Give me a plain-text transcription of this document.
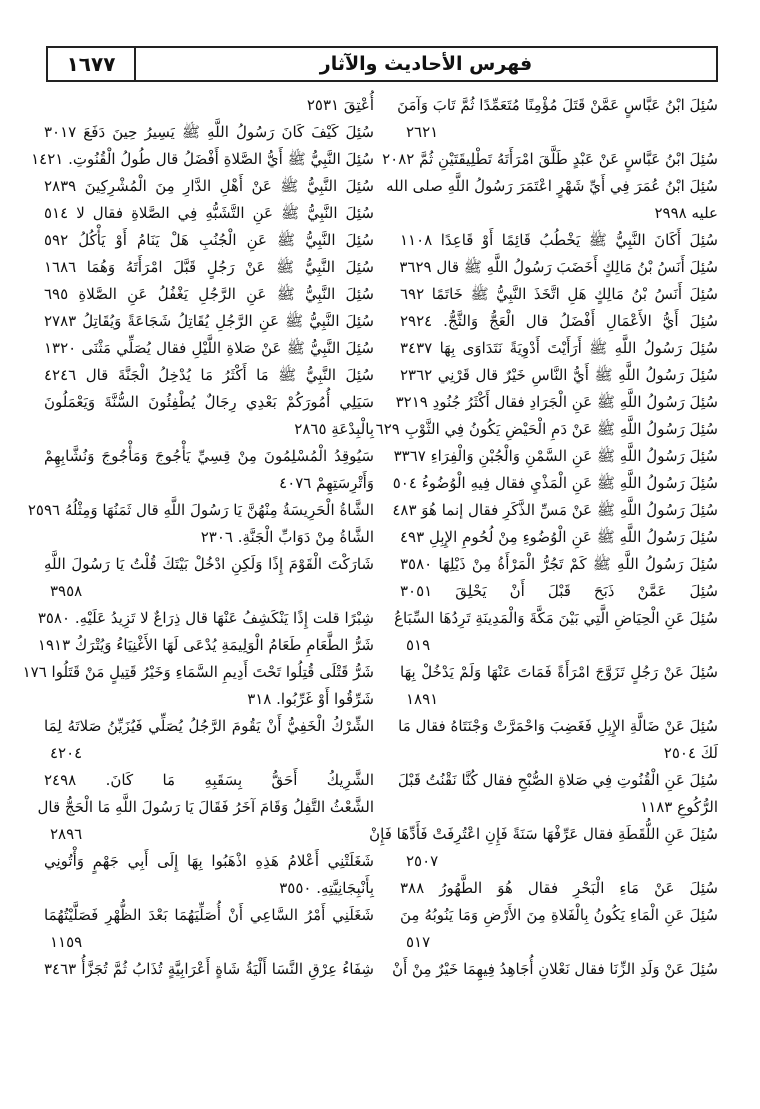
فهرس الأحاديث والآثار
١٦٧٧
سُئِلَ ابْنُ عَبَّاسٍ عَمَّنْ قَتَلَ مُؤْمِنًا مُتَعَمِّدًا ثُمَّ تَابَ وَآمَنَ
٢٦٢١
سُئِلَ ابْنُ عَبَّاسٍ عَنْ عَبْدٍ طَلَّقَ امْرَأَتَهُ تَطْلِيقَتَيْنِ ثُمَّ ٢٠٨٢
سُئِلَ ابْنُ عُمَرَ فِي أَيِّ شَهْرٍ اعْتَمَرَ رَسُولُ اللَّهِ صلى الله
عليه ٢٩٩٨
سُئِلَ أَكَانَ النَّبِيُّ ﷺ يَخْطُبُ قَائِمًا أَوْ قَاعِدًا ١١٠٨
سُئِلَ أَنَسُ بْنُ مَالِكٍ أَخَضَبَ رَسُولُ اللَّهِ ﷺ قال ٣٦٢٩
سُئِلَ أَنَسُ بْنُ مَالِكٍ هَلِ اتَّخَذَ النَّبِيُّ ﷺ خَاتَمًا ٦٩٢
سُئِلَ أَيُّ الأَعْمَالِ أَفْضَلُ قال الْعَجُّ وَالثَّجُّ. ٢٩٢٤
سُئِلَ رَسُولُ اللَّهِ ﷺ أَرَأَيْتَ أَدْوِيَةً نَتَدَاوَى بِهَا ٣٤٣٧
سُئِلَ رَسُولُ اللَّهِ ﷺ أَيُّ النَّاسِ خَيْرٌ قال قَرْنِي ٢٣٦٢
سُئِلَ رَسُولُ اللَّهِ ﷺ عَنِ الْجَرَادِ فقال أَكْثَرُ جُنُودِ ٣٢١٩
سُئِلَ رَسُولُ اللَّهِ ﷺ عَنْ دَمِ الْحَيْضِ يَكُونُ فِي الثَّوْبِ ٦٢٩
سُئِلَ رَسُولُ اللَّهِ ﷺ عَنِ السَّمْنِ وَالْجُبْنِ وَالْفِرَاءِ ٣٣٦٧
سُئِلَ رَسُولُ اللَّهِ ﷺ عَنِ الْمَذْيِ فقال فِيهِ الْوُضُوءُ ٥٠٤
سُئِلَ رَسُولُ اللَّهِ ﷺ عَنْ مَسِّ الذَّكَرِ فقال إنما هُوَ ٤٨٣
سُئِلَ رَسُولُ اللَّهِ ﷺ عَنِ الْوُضُوءِ مِنْ لُحُومِ الإِبِلِ ٤٩٣
سُئِلَ رَسُولُ اللَّهِ ﷺ كَمْ تَجُرُّ الْمَرْأَةُ مِنْ ذَيْلِهَا ٣٥٨٠
سُئِلَ عَمَّنْ ذَبَحَ قَبْلَ أَنْ يَحْلِقَ ٣٠٥١
سُئِلَ عَنِ الْحِيَاضِ الَّتِي بَيْنَ مَكَّةَ وَالْمَدِينَةِ تَرِدُهَا السِّبَاعُ
٥١٩
سُئِلَ عَنْ رَجُلٍ تَزَوَّجَ امْرَأَةً فَمَاتَ عَنْهَا وَلَمْ يَدْخُلْ بِهَا
١٨٩١
سُئِلَ عَنْ ضَالَّةِ الإِبِلِ فَغَضِبَ وَاحْمَرَّتْ وَجْنَتَاهُ فقال مَا
لَكَ ٢٥٠٤
سُئِلَ عَنِ الْقُنُوتِ فِي صَلاةِ الصُّبْحِ فقال كُنَّا نَقْنُتُ قَبْلَ
الرُّكُوعِ ١١٨٣
سُئِلَ عَنِ اللُّقَطَةِ فقال عَرِّفْهَا سَنَةً فَإِنِ اعْتُرِفَتْ فَأَدِّهَا فَإِنْ
٢٥٠٧
سُئِلَ عَنْ مَاءِ الْبَحْرِ فقال هُوَ الطَّهُورُ ٣٨٨
سُئِلَ عَنِ الْمَاءِ يَكُونُ بِالْفَلاةِ مِنَ الأَرْضِ وَمَا يَنُوبُهُ مِنَ
٥١٧
سُئِلَ عَنْ وَلَدِ الزِّنَا فقال نَعْلانِ أُجَاهِدُ فِيهِمَا خَيْرٌ مِنْ أَنْ
أُعْتِقَ ٢٥٣١
سُئِلَ كَيْفَ كَانَ رَسُولُ اللَّهِ ﷺ يَسِيرُ حِينَ دَفَعَ ٣٠١٧
سُئِلَ النَّبِيُّ ﷺ أَيُّ الصَّلاةِ أَفْضَلُ قال طُولُ الْقُنُوتِ. ١٤٢١
سُئِلَ النَّبِيُّ ﷺ عَنْ أَهْلِ الدَّارِ مِنَ الْمُشْرِكِينَ ٢٨٣٩
سُئِلَ النَّبِيُّ ﷺ عَنِ التَّشَبُّهِ فِي الصَّلاةِ فقال لا ٥١٤
سُئِلَ النَّبِيُّ ﷺ عَنِ الْجُنُبِ هَلْ يَنَامُ أَوْ يَأْكُلُ ٥٩٢
سُئِلَ النَّبِيُّ ﷺ عَنْ رَجُلٍ قَبَّلَ امْرَأَتَهُ وَهُمَا ١٦٨٦
سُئِلَ النَّبِيُّ ﷺ عَنِ الرَّجُلِ يَغْفُلُ عَنِ الصَّلاةِ ٦٩٥
سُئِلَ النَّبِيُّ ﷺ عَنِ الرَّجُلِ يُقَاتِلُ شَجَاعَةً وَيُقَاتِلُ ٢٧٨٣
سُئِلَ النَّبِيُّ ﷺ عَنْ صَلاةِ اللَّيْلِ فقال يُصَلِّي مَثْنَى ١٣٢٠
سُئِلَ النَّبِيُّ ﷺ مَا أَكْثَرُ مَا يُدْخِلُ الْجَنَّةَ قال ٤٢٤٦
سَيَلِي أُمُورَكُمْ بَعْدِي رِجَالٌ يُطْفِئُونَ السُّنَّةَ وَيَعْمَلُونَ
بِالْبِدْعَةِ ٢٨٦٥
سَيُوقِدُ الْمُسْلِمُونَ مِنْ قِسِيِّ يَأْجُوجَ وَمَأْجُوجَ وَنُشَّابِهِمْ
وَأَتْرِسَتِهِمْ ٤٠٧٦
الشَّاةُ الْحَرِيسَةُ مِنْهُنَّ يَا رَسُولَ اللَّهِ قال ثَمَنُهَا وَمِثْلُهُ ٢٥٩٦
الشَّاةُ مِنْ دَوَابِّ الْجَنَّةِ. ٢٣٠٦
شَارَكْتَ الْقَوْمَ إِذًا وَلَكِنِ ادْخُلْ بَيْتَكَ قُلْتُ يَا رَسُولَ اللَّهِ
٣٩٥٨
شِبْرًا قلت إِذًا يَنْكَشِفُ عَنْهَا قال ذِرَاعٌ لا تَزِيدُ عَلَيْهِ. ٣٥٨٠
شَرُّ الطَّعَامِ طَعَامُ الْوَلِيمَةِ يُدْعَى لَهَا الأَغْنِيَاءُ وَيُتْرَكُ ١٩١٣
شَرُّ قَتْلَى قُتِلُوا تَحْتَ أَدِيمِ السَّمَاءِ وَخَيْرُ قَتِيلٍ مَنْ قَتَلُوا ١٧٦
شَرِّقُوا أَوْ غَرِّبُوا. ٣١٨
الشِّرْكُ الْخَفِيُّ أَنْ يَقُومَ الرَّجُلُ يُصَلِّي فَيُزَيِّنُ صَلاتَهُ لِمَا
٤٢٠٤
الشَّرِيكُ أَحَقُّ بِسَقَبِهِ مَا كَانَ. ٢٤٩٨
الشَّعْثُ التَّفِلُ وَقَامَ آخَرُ فَقَالَ يَا رَسُولَ اللَّهِ مَا الْحَجُّ قال
٢٨٩٦
شَغَلَتْنِي أَعْلامُ هَذِهِ اذْهَبُوا بِهَا إِلَى أَبِي جَهْمٍ وَأْتُونِي
بِأَنْبِجَانِيَّتِهِ. ٣٥٥٠
شَغَلَنِي أَمْرُ السَّاعِي أَنْ أُصَلِّيَهُمَا بَعْدَ الظُّهْرِ فَصَلَّيْتُهُمَا
١١٥٩
شِفَاءُ عِرْقِ النَّسَا أَلْيَةُ شَاةٍ أَعْرَابِيَّةٍ تُذَابُ ثُمَّ تُجَزَّأُ ٣٤٦٣
